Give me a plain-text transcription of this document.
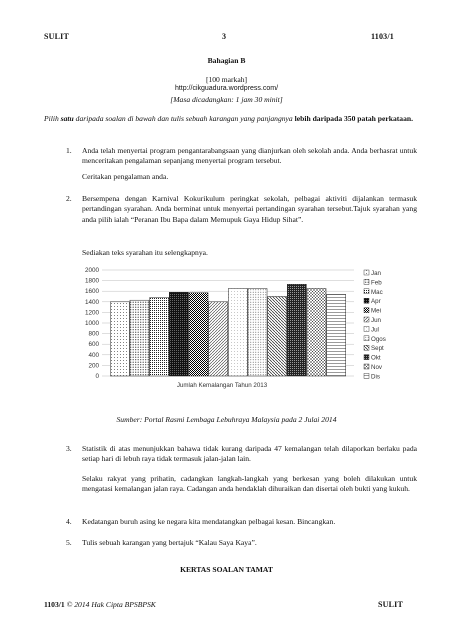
SULIT	3	1103/1
Bahagian B
[100 markah]
http://cikguadura.wordpress.com/
[Masa dicadangkan: 1 jam 30 minit]
Pilih satu daripada soalan di bawah dan tulis sebuah karangan yang panjangnya lebih daripada 350 patah perkataan.
1. Anda telah menyertai program pengantarabangsaan yang dianjurkan oleh sekolah anda. Anda berhasrat untuk menceritakan pengalaman sepanjang menyertai program tersebut.
Ceritakan pengalaman anda.
2. Bersempena dengan Karnival Kokurikulum peringkat sekolah, pelbagai aktiviti dijalankan termasuk pertandingan syarahan. Anda berminat untuk menyertai pertandingan syarahan tersebut.Tajuk syarahan yang anda pilih ialah “Peranan Ibu Bapa dalam Memupuk Gaya Hidup Sihat”.
Sediakan teks syarahan itu selengkapnya.
2000
1800
1600
1400
1200
1000
800
600
400
200
0
Jan
Feb
Mac
Apr
Mei
Jun
Jul
Ogos
Sept
Okt
Nov
Dis
Jumlah Kemalangan Tahun 2013
Sumber: Portal Rasmi Lembaga Lebuhraya Malaysia pada 2 Julai 2014
3. Statistik di atas menunjukkan bahawa tidak kurang daripada 47 kemalangan telah dilaporkan berlaku pada setiap hari di lebuh raya tidak termasuk jalan-jalan lain.
Selaku rakyat yang prihatin, cadangkan langkah-langkah yang berkesan yang boleh dilakukan untuk mengatasi kemalangan jalan raya. Cadangan anda hendaklah dihuraikan dan disertai oleh bukti yang kukuh.
4. Kedatangan buruh asing ke negara kita mendatangkan pelbagai kesan. Bincangkan.
5. Tulis sebuah karangan yang bertajuk “Kalau Saya Kaya”.
KERTAS SOALAN TAMAT
1103/1 © 2014 Hak Cipta BPSBPSK	SULIT
